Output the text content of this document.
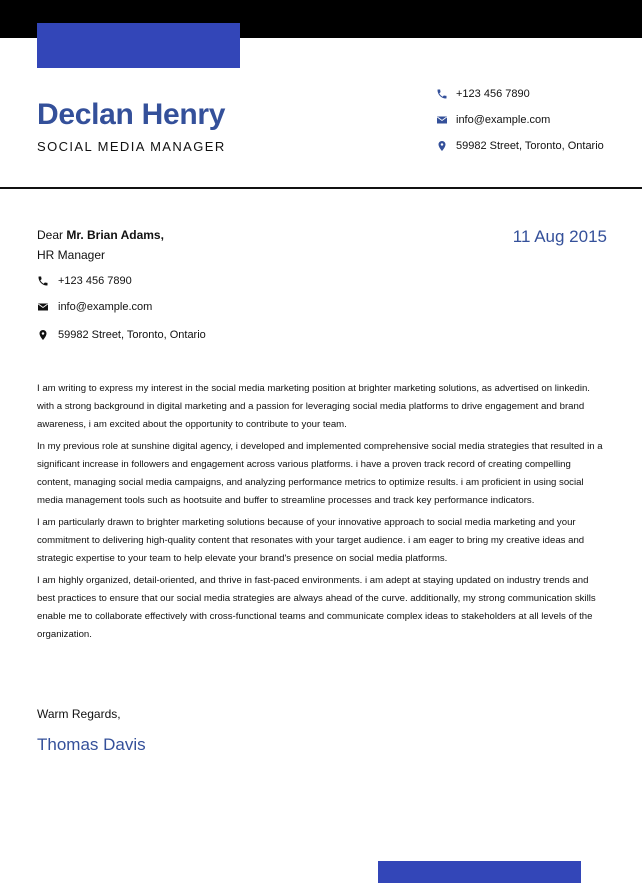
Declan Henry
SOCIAL MEDIA MANAGER
+123 456 7890
info@example.com
59982 Street, Toronto, Ontario
Dear Mr. Brian Adams,
HR Manager
11 Aug 2015
+123 456 7890
info@example.com
59982 Street, Toronto, Ontario

I am writing to express my interest in the social media marketing position at brighter marketing solutions, as advertised on linkedin. with a strong background in digital marketing and a passion for leveraging social media platforms to drive engagement and brand awareness, i am excited about the opportunity to contribute to your team.

In my previous role at sunshine digital agency, i developed and implemented comprehensive social media strategies that resulted in a significant increase in followers and engagement across various platforms. i have a proven track record of creating compelling content, managing social media campaigns, and analyzing performance metrics to optimize results. i am proficient in using social media management tools such as hootsuite and buffer to streamline processes and track key performance indicators.

I am particularly drawn to brighter marketing solutions because of your innovative approach to social media marketing and your commitment to delivering high-quality content that resonates with your target audience. i am eager to bring my creative ideas and strategic expertise to your team to help elevate your brand's presence on social media platforms.

I am highly organized, detail-oriented, and thrive in fast-paced environments. i am adept at staying updated on industry trends and best practices to ensure that our social media strategies are always ahead of the curve. additionally, my strong communication skills enable me to collaborate effectively with cross-functional teams and communicate complex ideas to stakeholders at all levels of the organization.

Warm Regards,
Thomas Davis
